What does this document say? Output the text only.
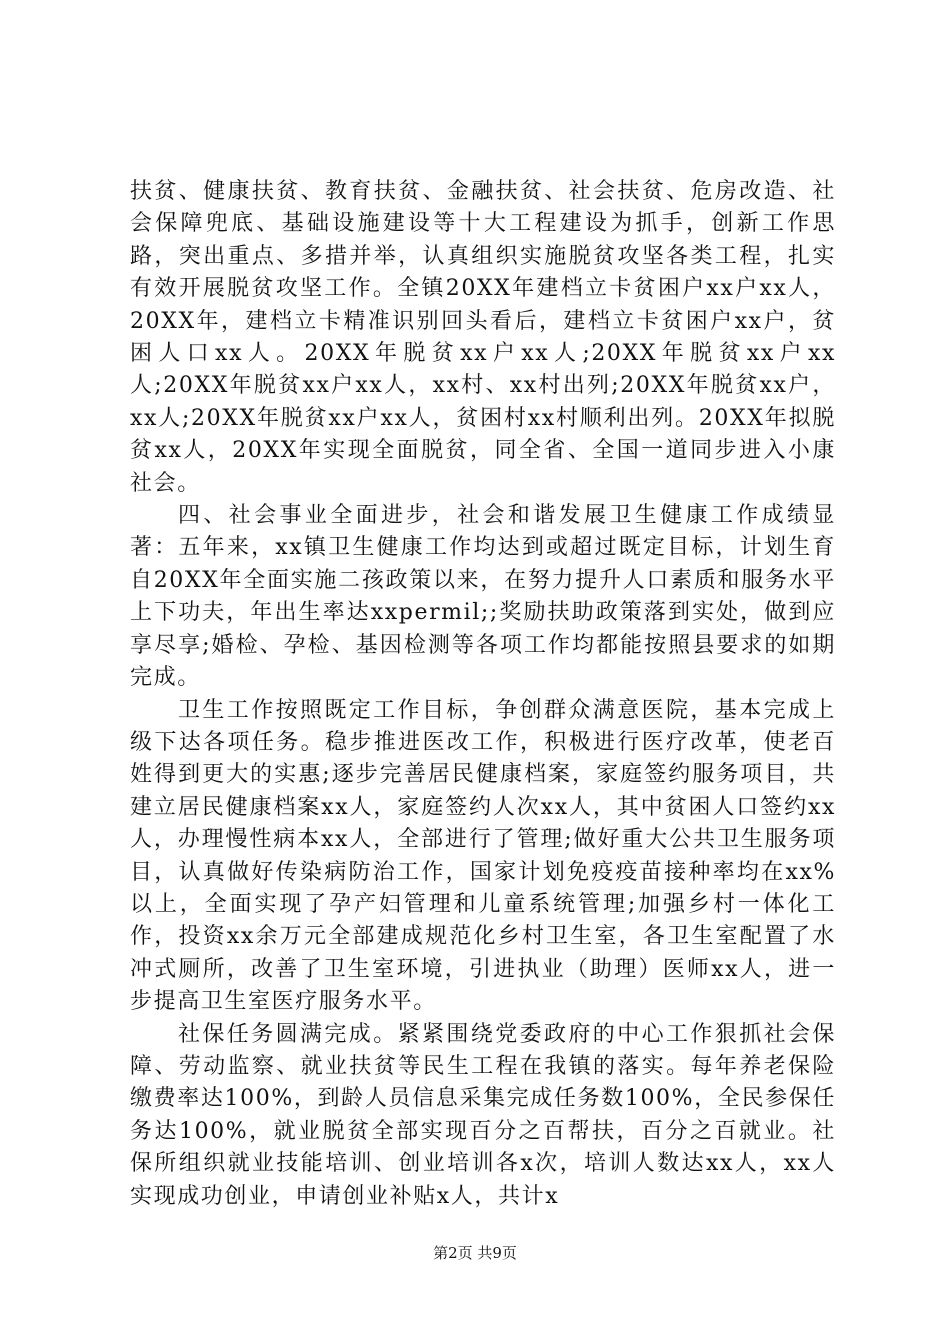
扶贫、健康扶贫、教育扶贫、金融扶贫、社会扶贫、危房改造、社会保障兜底、基础设施建设等十大工程建设为抓手，创新工作思路，突出重点、多措并举，认真组织实施脱贫攻坚各类工程，扎实有效开展脱贫攻坚工作。全镇20XX年建档立卡贫困户xx户xx人，20XX年，建档立卡精准识别回头看后，建档立卡贫困户xx户，贫困人口xx人。20XX年脱贫xx户xx人;20XX年脱贫xx户xx人;20XX年脱贫xx户xx人，xx村、xx村出列;20XX年脱贫xx户，xx人;20XX年脱贫xx户xx人，贫困村xx村顺利出列。20XX年拟脱贫xx人，20XX年实现全面脱贫，同全省、全国一道同步进入小康社会。

四、社会事业全面进步，社会和谐发展卫生健康工作成绩显著：五年来，xx镇卫生健康工作均达到或超过既定目标，计划生育自20XX年全面实施二孩政策以来，在努力提升人口素质和服务水平上下功夫，年出生率达xxpermil;;奖励扶助政策落到实处，做到应享尽享;婚检、孕检、基因检测等各项工作均都能按照县要求的如期完成。

卫生工作按照既定工作目标，争创群众满意医院，基本完成上级下达各项任务。稳步推进医改工作，积极进行医疗改革，使老百姓得到更大的实惠;逐步完善居民健康档案，家庭签约服务项目，共建立居民健康档案xx人，家庭签约人次xx人，其中贫困人口签约xx人，办理慢性病本xx人，全部进行了管理;做好重大公共卫生服务项目，认真做好传染病防治工作，国家计划免疫疫苗接种率均在xx%以上，全面实现了孕产妇管理和儿童系统管理;加强乡村一体化工作，投资xx余万元全部建成规范化乡村卫生室，各卫生室配置了水冲式厕所，改善了卫生室环境，引进执业（助理）医师xx人，进一步提高卫生室医疗服务水平。

社保任务圆满完成。紧紧围绕党委政府的中心工作狠抓社会保障、劳动监察、就业扶贫等民生工程在我镇的落实。每年养老保险缴费率达100%，到龄人员信息采集完成任务数100%，全民参保任务达100%，就业脱贫全部实现百分之百帮扶，百分之百就业。社保所组织就业技能培训、创业培训各x次，培训人数达xx人，xx人实现成功创业，申请创业补贴x人，共计x

第2页 共9页
